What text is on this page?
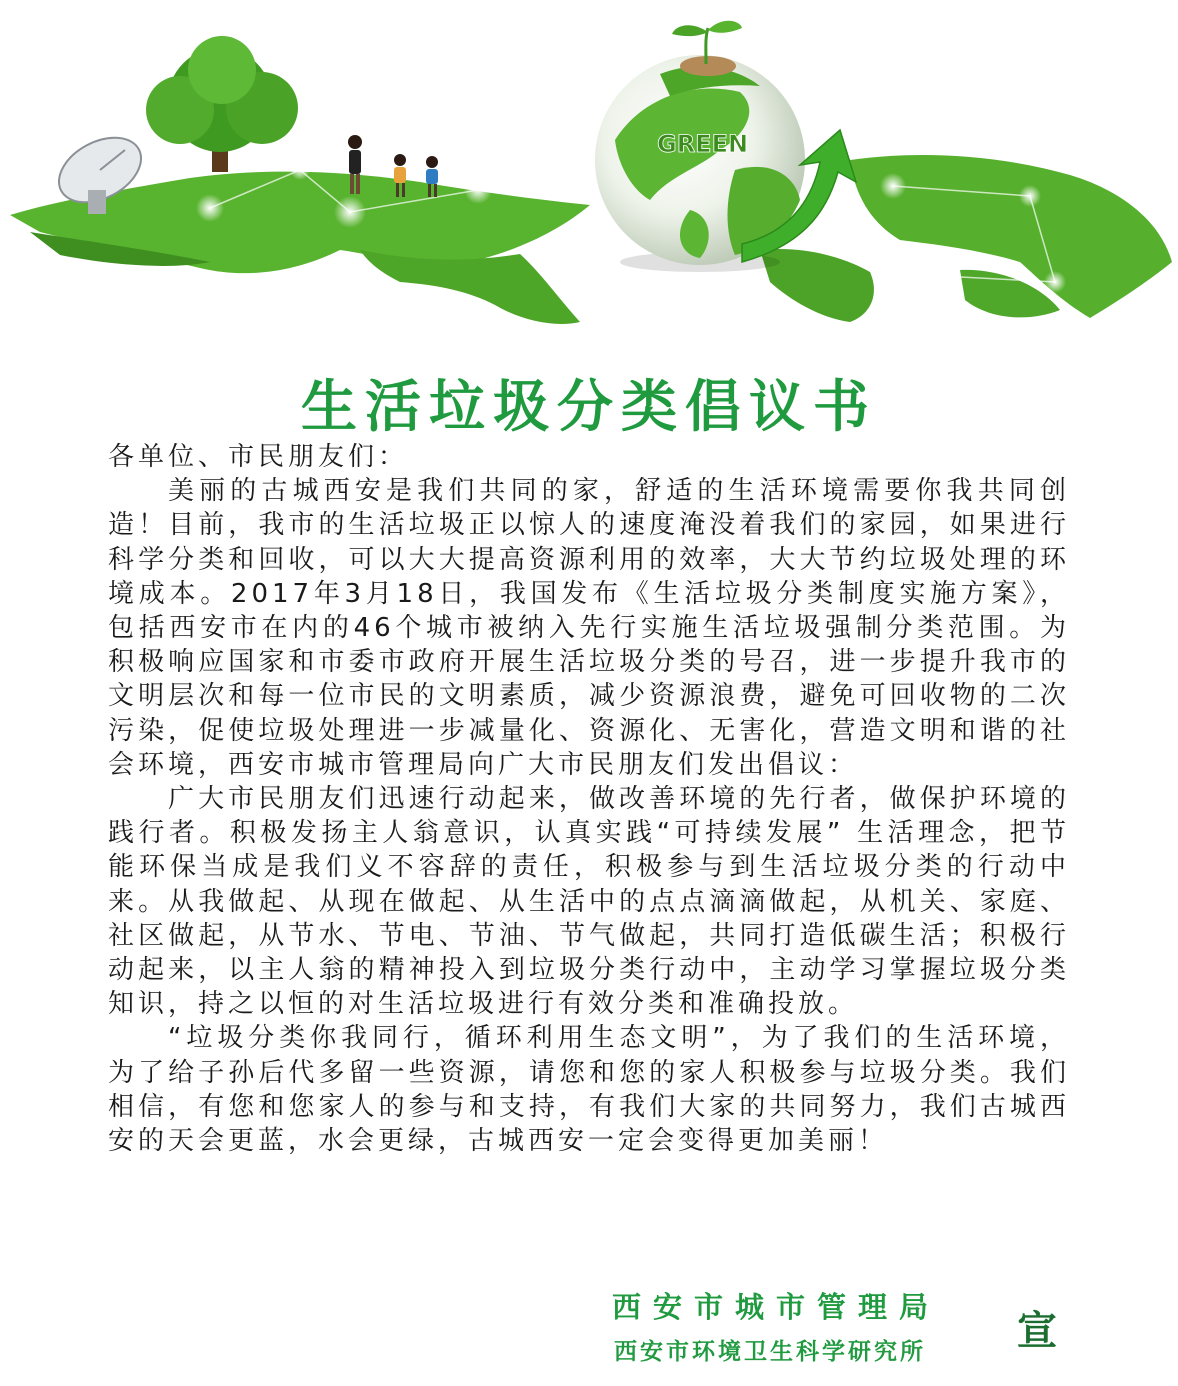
GREEN
生活垃圾分类倡议书

各单位、市民朋友们：

美丽的古城西安是我们共同的家，舒适的生活环境需要你我共同创造！目前，我市的生活垃圾正以惊人的速度淹没着我们的家园，如果进行科学分类和回收，可以大大提高资源利用的效率，大大节约垃圾处理的环境成本。2017年3月18日，我国发布《生活垃圾分类制度实施方案》，包括西安市在内的46个城市被纳入先行实施生活垃圾强制分类范围。为积极响应国家和市委市政府开展生活垃圾分类的号召，进一步提升我市的文明层次和每一位市民的文明素质，减少资源浪费，避免可回收物的二次污染，促使垃圾处理进一步减量化、资源化、无害化，营造文明和谐的社会环境，西安市城市管理局向广大市民朋友们发出倡议：

广大市民朋友们迅速行动起来，做改善环境的先行者，做保护环境的践行者。积极发扬主人翁意识，认真实践“可持续发展” 生活理念，把节能环保当成是我们义不容辞的责任，积极参与到生活垃圾分类的行动中来。从我做起、从现在做起、从生活中的点点滴滴做起，从机关、家庭、社区做起，从节水、节电、节油、节气做起，共同打造低碳生活；积极行动起来，以主人翁的精神投入到垃圾分类行动中，主动学习掌握垃圾分类知识，持之以恒的对生活垃圾进行有效分类和准确投放。

“垃圾分类你我同行，循环利用生态文明”，为了我们的生活环境，为了给子孙后代多留一些资源，请您和您的家人积极参与垃圾分类。我们相信，有您和您家人的参与和支持，有我们大家的共同努力，我们古城西安的天会更蓝，水会更绿，古城西安一定会变得更加美丽！

西安市城市管理局
西安市环境卫生科学研究所 宣
